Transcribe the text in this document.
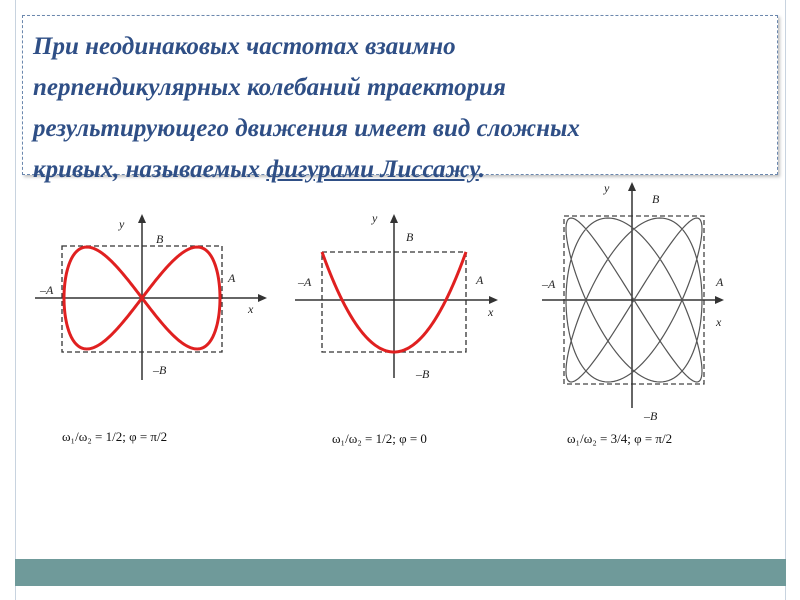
При неодинаковых частотах взаимно
перпендикулярных колебаний траектория
результирующего движения имеет вид сложных
кривых, называемых фигурами Лиссажу.
y
x
B
A
–A
–B
ω₁/ω₂ = 1/2; φ = π/2
y
x
B
A
–A
–B
ω₁/ω₂ = 1/2; φ = 0
y
x
B
A
–A
–B
ω₁/ω₂ = 3/4; φ = π/2
